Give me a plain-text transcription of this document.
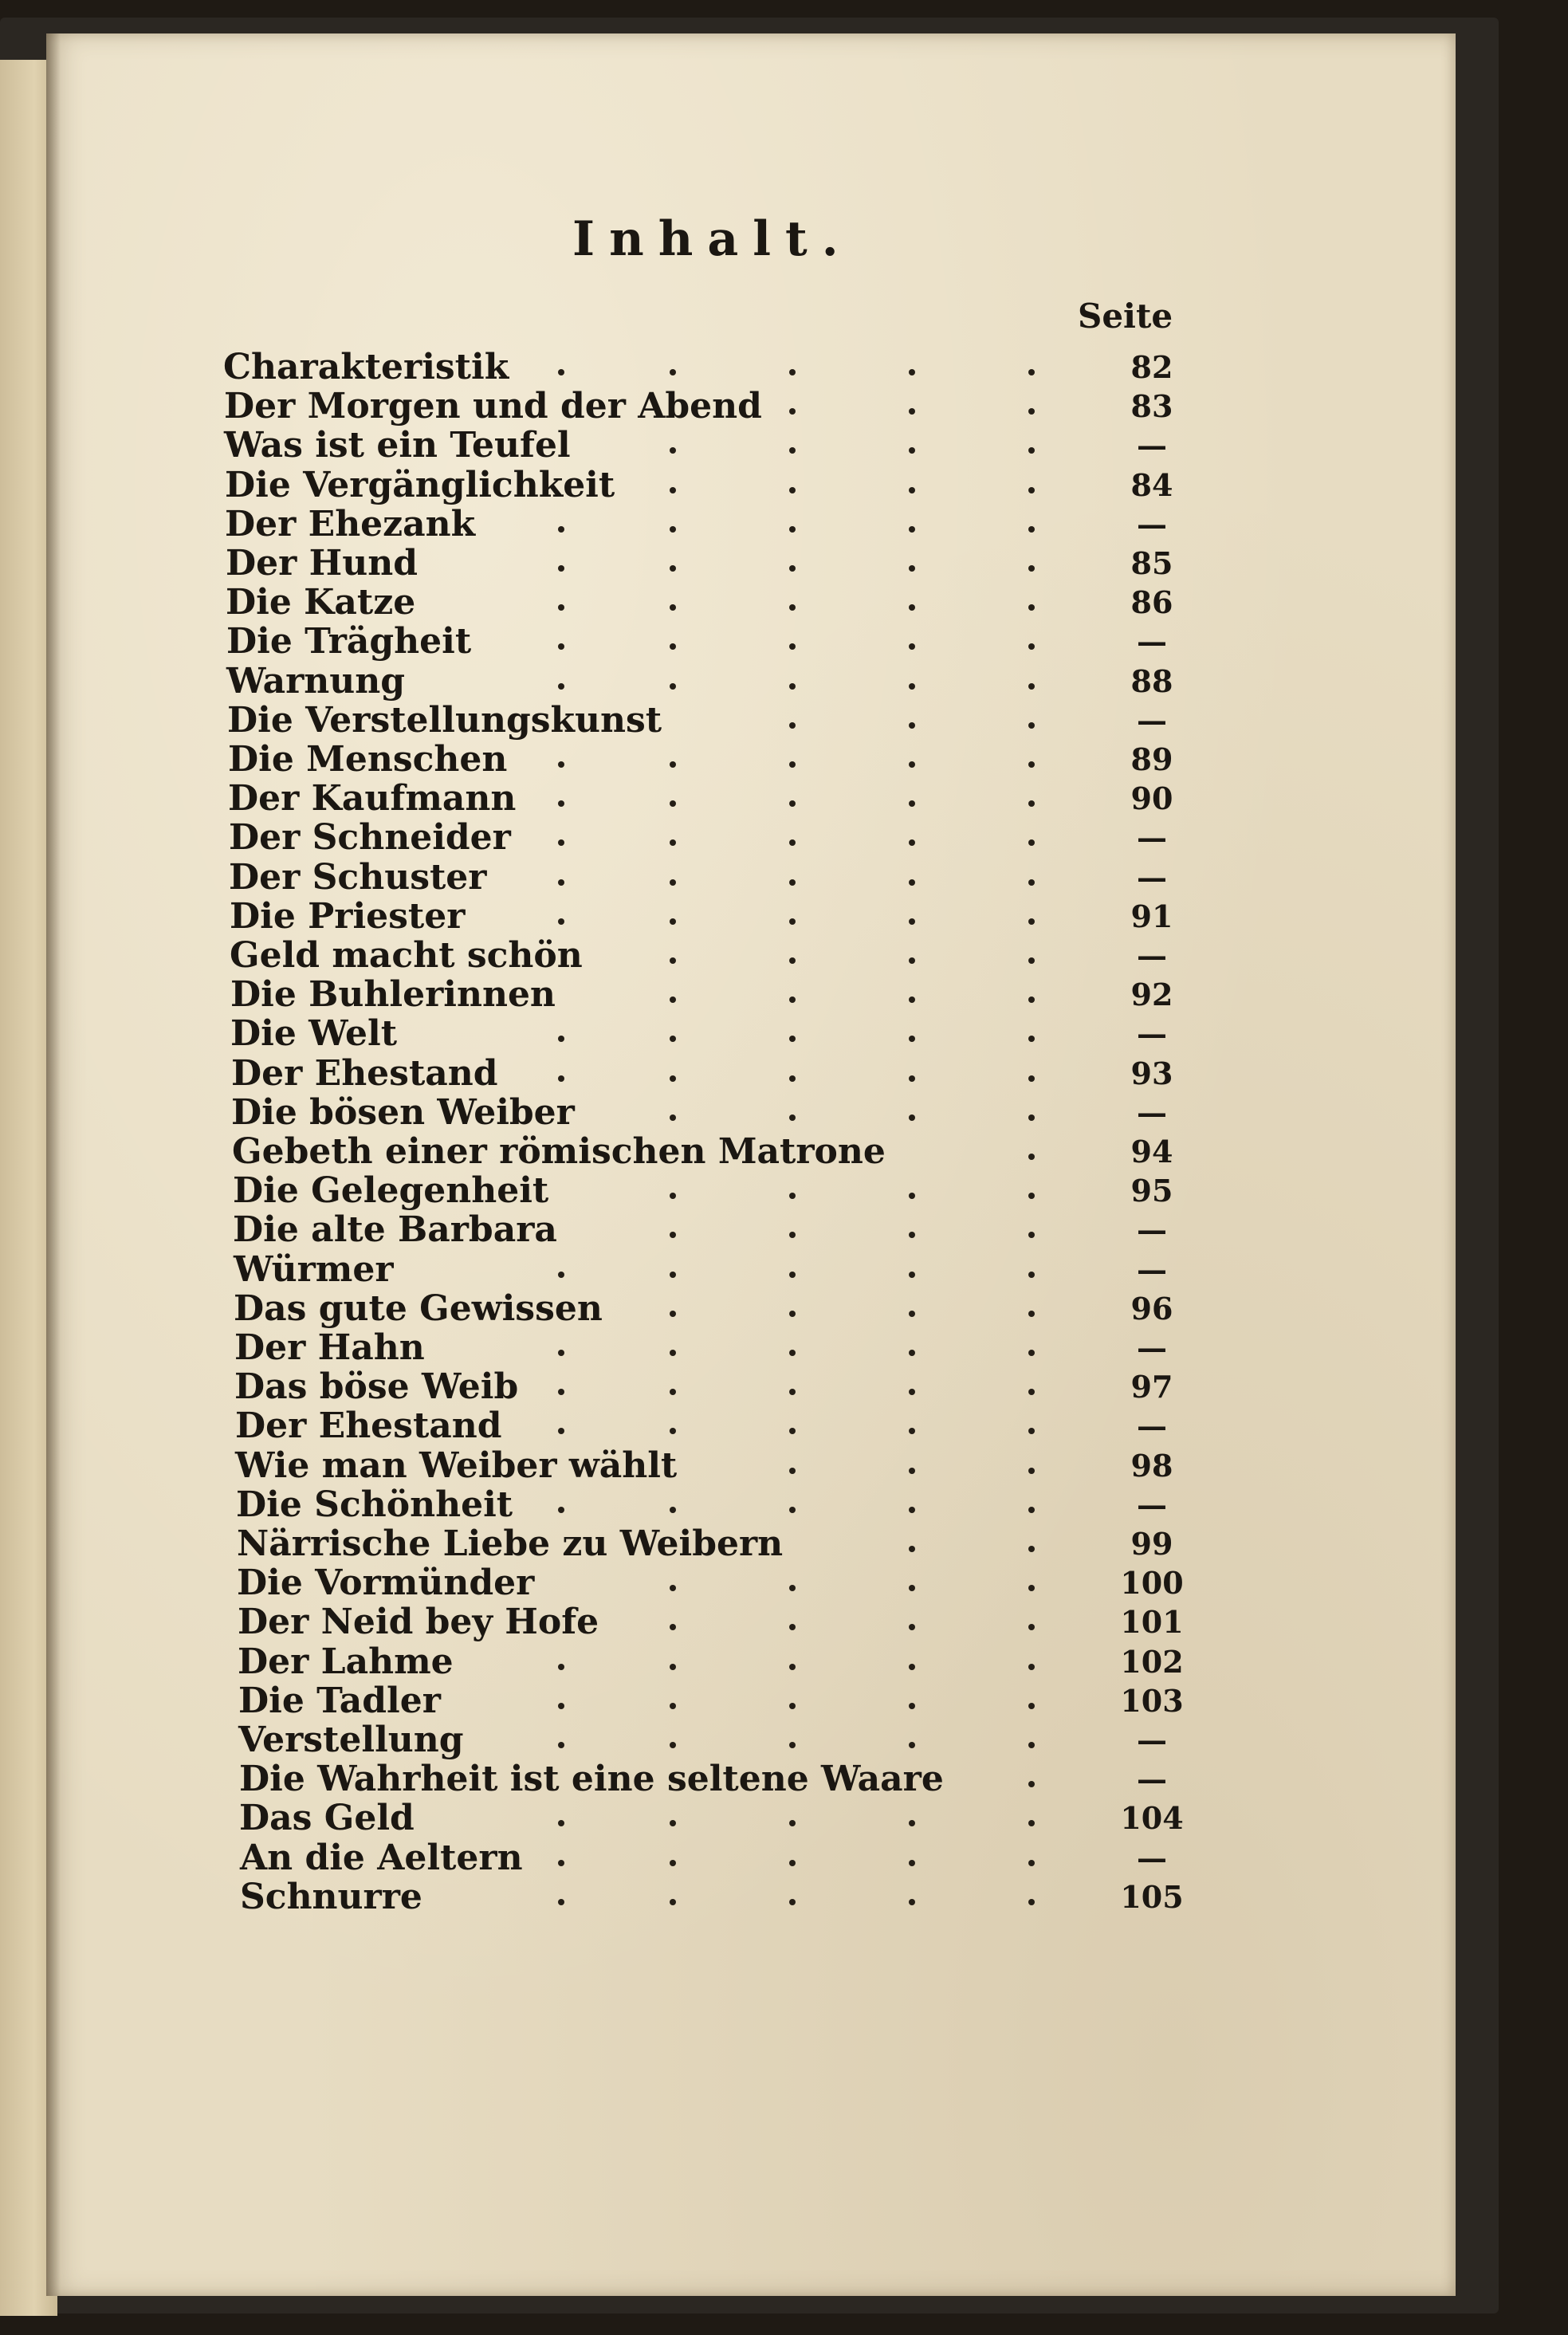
Inhalt.
Seite
Charakteristik	82
Der Morgen und der Abend	83
Was ist ein Teufel	—
Die Vergänglichkeit	84
Der Ehezank	—
Der Hund	85
Die Katze	86
Die Trägheit	—
Warnung	88
Die Verstellungskunst	—
Die Menschen	89
Der Kaufmann	90
Der Schneider	—
Der Schuster	—
Die Priester	91
Geld macht schön	—
Die Buhlerinnen	92
Die Welt	—
Der Ehestand	93
Die bösen Weiber	—
Gebeth einer römischen Matrone	94
Die Gelegenheit	95
Die alte Barbara	—
Würmer	—
Das gute Gewissen	96
Der Hahn	—
Das böse Weib	97
Der Ehestand	—
Wie man Weiber wählt	98
Die Schönheit	—
Närrische Liebe zu Weibern	99
Die Vormünder	100
Der Neid bey Hofe	101
Der Lahme	102
Die Tadler	103
Verstellung	—
Die Wahrheit ist eine seltene Waare	—
Das Geld	104
An die Aeltern	—
Schnurre	105
